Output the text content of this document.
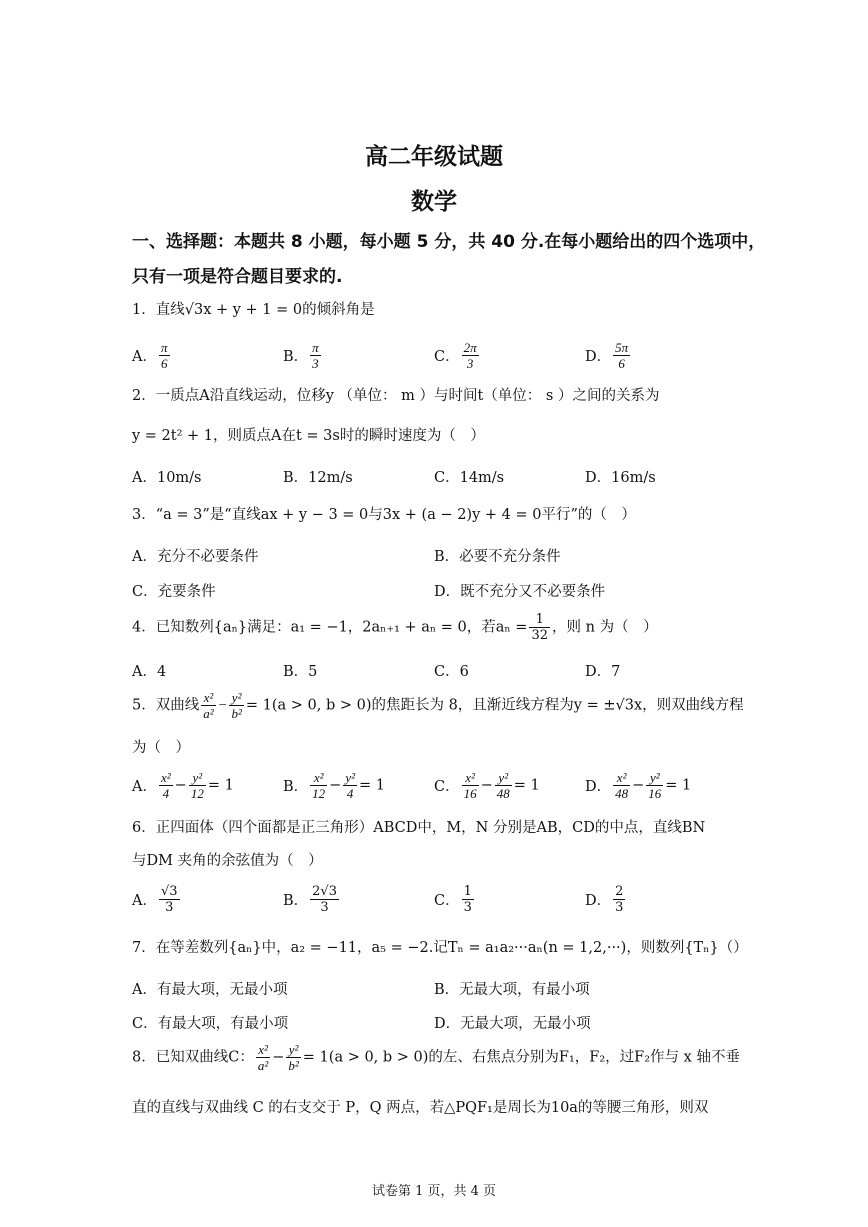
高二年级试题
数学
一、选择题：本题共 8 小题，每小题 5 分，共 40 分.在每小题给出的四个选项中，
只有一项是符合题目要求的.
1．直线√3x + y + 1 = 0的倾斜角是
A． $\frac{\pi}{6}$	B． $\frac{\pi}{3}$	C． $\frac{2\pi}{3}$	D． $\frac{5\pi}{6}$
2．一质点A沿直线运动，位移y （单位： m ）与时间t（单位： s ）之间的关系为
y = 2t² + 1，则质点A在t = 3s时的瞬时速度为（　）
A．10m/s	B．12m/s	C．14m/s	D．16m/s
3．“a = 3”是“直线ax + y − 3 = 0与3x + (a − 2)y + 4 = 0平行”的（　）
A．充分不必要条件	B．必要不充分条件
C．充要条件	D．既不充分又不必要条件
4．已知数列{aₙ}满足：a₁ = −1，2aₙ₊₁ + aₙ = 0，若$a_n = \frac{1}{32}$ ，则 n 为（　）
A．4	B．5	C．6	D．7
5．双曲线 $\frac{\text{x²}}{\text{a²}} - \frac{\text{y²}}{\text{b²}} = 1(a > 0$, b > 0)的焦距长为 8，且渐近线方程为y = ±√3x，则双曲线方程
为（　）
A． $\frac{\text{x²}}{4} - \frac{\text{y²}}{12} = 1$	B． $\frac{\text{x²}}{12} - \frac{\text{y²}}{4} = 1$	C． $\frac{\text{x²}}{16} - \frac{\text{y²}}{48} = 1$	D． $\frac{\text{x²}}{48} - \frac{\text{y²}}{16} = 1$
6．正四面体（四个面都是正三角形）ABCD中，M，N 分别是AB，CD的中点，直线BN
与DM 夹角的余弦值为（　）
A． $\frac{√3}{3}$	B． $\frac{2√3}{3}$	C． $\frac{1}{3}$	D． $\frac{2}{3}$
7．在等差数列{aₙ}中，a₂ = −11，a₅ = −2.记Tₙ = a₁a₂···aₙ(n = 1,2,···)，则数列{Tₙ}（）
A．有最大项，无最小项	B．无最大项，有最小项
C．有最大项，有最小项	D．无最大项，无最小项
8．已知双曲线C： $\frac{\text{x²}}{\text{a²}} - \frac{\text{y²}}{\text{b²}} = 1(a > 0$, b > 0)的左、右焦点分别为F₁，F₂，过F₂作与 x 轴不垂
直的直线与双曲线 C 的右支交于 P，Q 两点，若△PQF₁是周长为10a的等腰三角形，则双
试卷第 1 页，共 4 页
